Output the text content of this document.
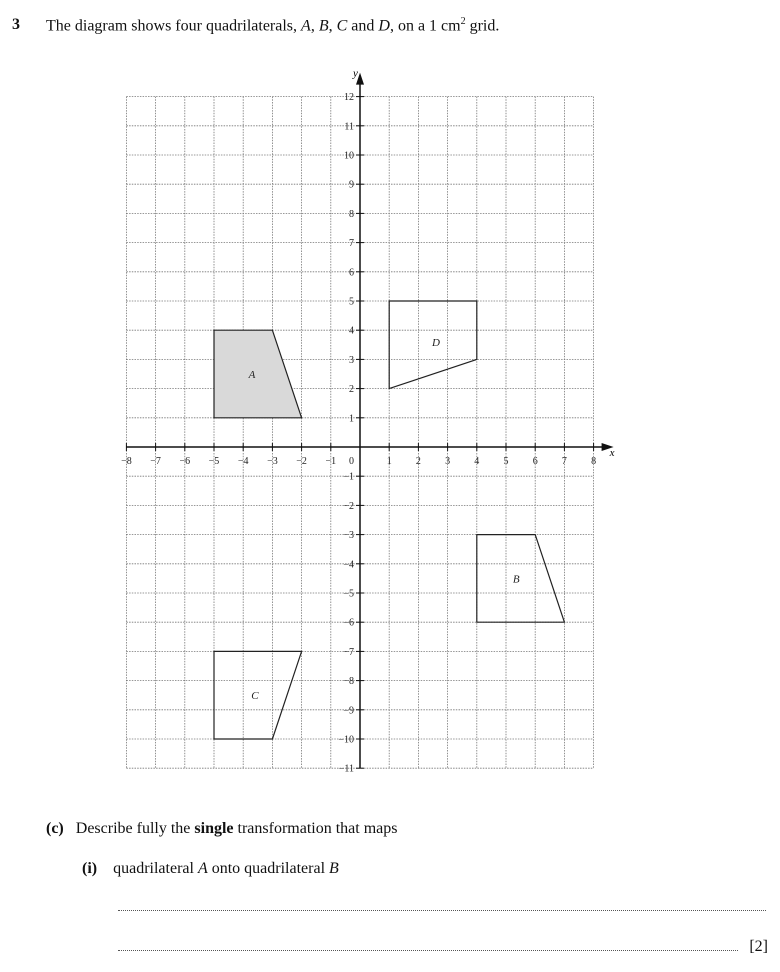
3 The diagram shows four quadrilaterals, A, B, C and D, on a 1 $cm^2$ grid.
A
B
C
D
x
y
−8 −7 −6 −5 −4 −3 −2 −1	1 2 3 4 5 6 7 8
12
11
10
9
8
7
6
5
4
3
2
1
−1
−2
−3
−4
−5
−6
−7
−8
−9
−10
−11
0
(c) Describe fully the single transformation that maps
(i) quadrilateral A onto quadrilateral B
[2]
